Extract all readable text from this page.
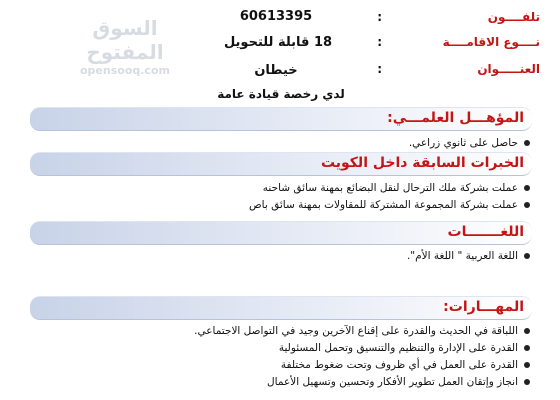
السوق المفتوح
opensooq.com
تلفــــون
:
60613395
نــــوع الاقامــــة
:
18 قابلة للتحويل
العنـــــوان
:
خيطان
لدي رخصة قيادة عامة
المؤهـــل العلمـــي:
حاصل على ثانوي زراعي.
الخبرات السابقة داخل الكويت
عملت بشركة ملك الترحال لنقل البضائع بمهنة سائق شاحنه
عملت بشركة المجموعة المشتركة للمقاولات بمهنة سائق باص
اللغـــــــات
اللغة العربية " اللغة الأم".
المهـــارات:
اللباقة في الحديث والقدرة على إقناع الآخرين وجيد في التواصل الاجتماعي.
القدرة على الإدارة والتنظيم والتنسيق وتحمل المسئولية
القدرة على العمل في أي ظروف وتحت ضغوط مختلفة
انجاز وإتقان العمل تطوير الأفكار وتحسين وتسهيل الأعمال
